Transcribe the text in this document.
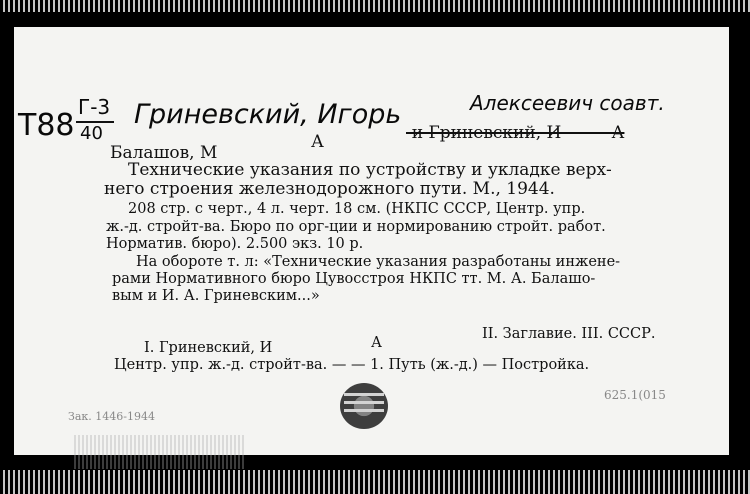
Т88
Г-3
40
Гриневский, Игорь	Алексеевич соавт.
Балашов, М
А	-и Гриневский, И — — А
Технические указания по устройству и укладке верх-
него строения железнодорожного пути. М., 1944.
208 стр. с черт., 4 л. черт. 18 см. (НКПС СССР, Центр. упр.
ж.-д. стройт-ва. Бюро по орг-ции и нормированию стройт. работ.
Норматив. бюро). 2.500 экз. 10 р.
На обороте т. л: «Технические указания разработаны инжене-
рами Нормативного бюро Цувосстроя НКПС тт. М. А. Балашо-
вым и И. А. Гриневским...»
I. Гриневский, И	А
II. Заглавие. III. СССР.
Центр. упр. ж.-д. стройт-ва. — — 1. Путь (ж.-д.) — Постройка.
Зак. 1446-1944
625.1(015
